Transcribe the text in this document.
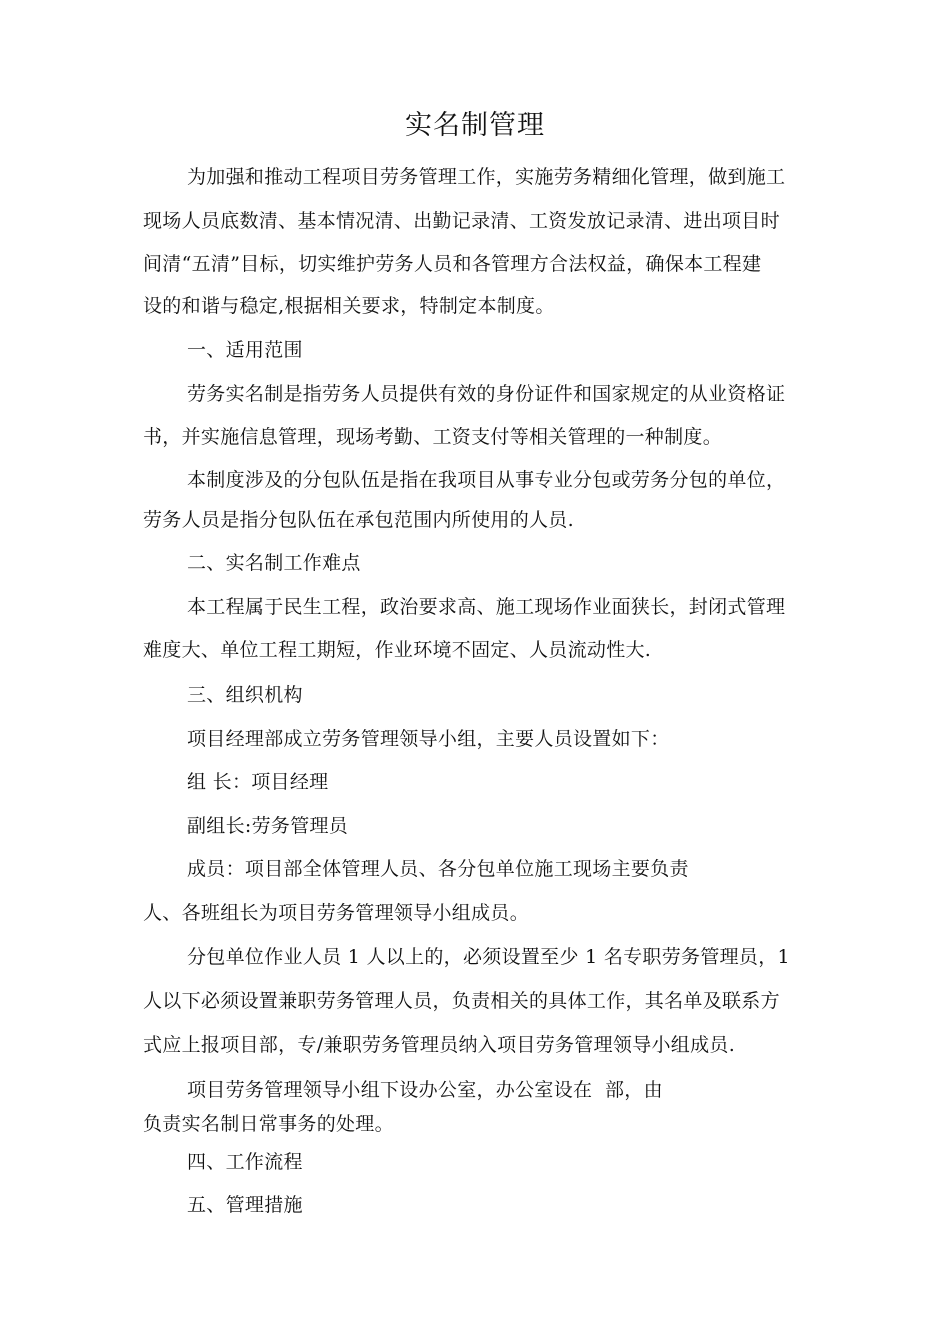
实名制管理
为加强和推动工程项目劳务管理工作，实施劳务精细化管理，做到施工
现场人员底数清、基本情况清、出勤记录清、工资发放记录清、进出项目时
间清“五清”目标，切实维护劳务人员和各管理方合法权益，确保本工程建
设的和谐与稳定,根据相关要求，特制定本制度。
一、适用范围
劳务实名制是指劳务人员提供有效的身份证件和国家规定的从业资格证
书，并实施信息管理，现场考勤、工资支付等相关管理的一种制度。
本制度涉及的分包队伍是指在我项目从事专业分包或劳务分包的单位，
劳务人员是指分包队伍在承包范围内所使用的人员.
二、实名制工作难点
本工程属于民生工程，政治要求高、施工现场作业面狭长，封闭式管理
难度大、单位工程工期短，作业环境不固定、人员流动性大.
三、组织机构
项目经理部成立劳务管理领导小组，主要人员设置如下：
组 长：项目经理
副组长:劳务管理员
成员：项目部全体管理人员、各分包单位施工现场主要负责
人、各班组长为项目劳务管理领导小组成员。
分包单位作业人员 1 人以上的，必须设置至少 1 名专职劳务管理员，1
人以下必须设置兼职劳务管理人员，负责相关的具体工作，其名单及联系方
式应上报项目部，专/兼职劳务管理员纳入项目劳务管理领导小组成员.
项目劳务管理领导小组下设办公室，办公室设在  部，由
负责实名制日常事务的处理。
四、工作流程
五、管理措施
